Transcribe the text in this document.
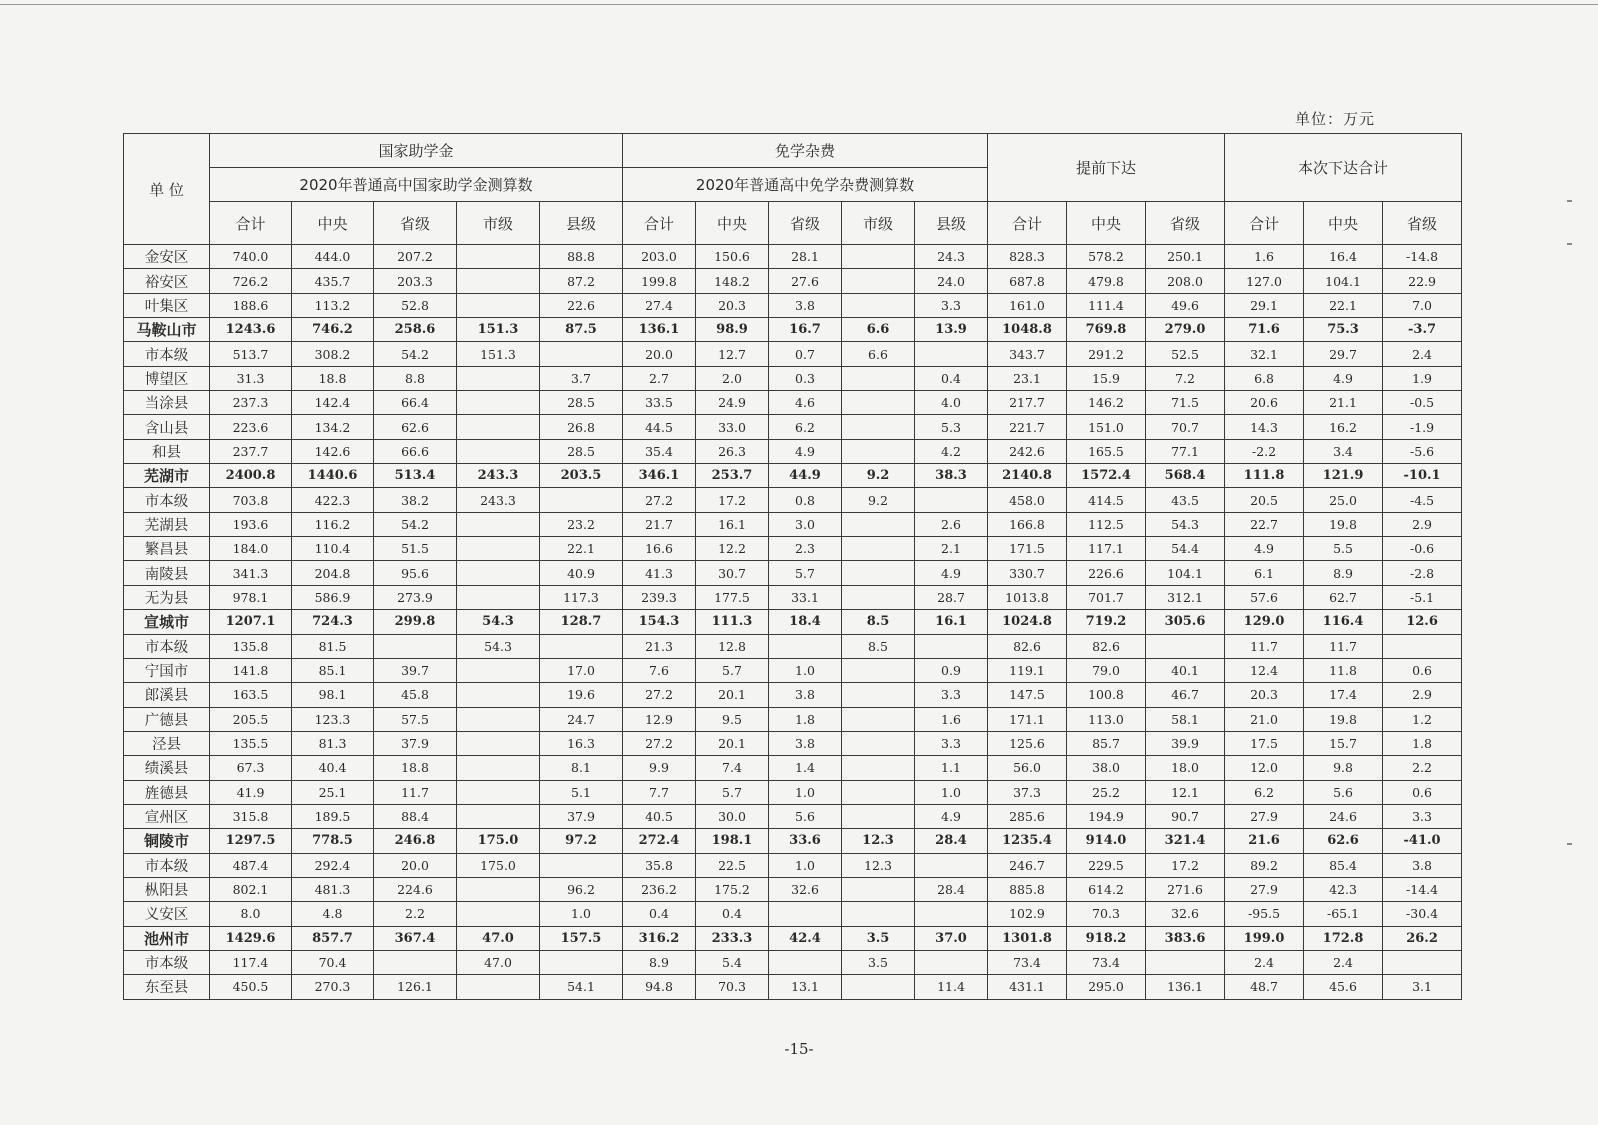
单位：万元
单 位	国家助学金					免学杂费					提前下达			本次下达合计		
	2020年普通高中国家助学金测算数					2020年普通高中免学杂费测算数										
	合计	中央	省级	市级	县级	合计	中央	省级	市级	县级	合计	中央	省级	合计	中央	省级
金安区	740.0	444.0	207.2		88.8	203.0	150.6	28.1		24.3	828.3	578.2	250.1	1.6	16.4	-14.8
裕安区	726.2	435.7	203.3		87.2	199.8	148.2	27.6		24.0	687.8	479.8	208.0	127.0	104.1	22.9
叶集区	188.6	113.2	52.8		22.6	27.4	20.3	3.8		3.3	161.0	111.4	49.6	29.1	22.1	7.0
马鞍山市	1243.6	746.2	258.6	151.3	87.5	136.1	98.9	16.7	6.6	13.9	1048.8	769.8	279.0	71.6	75.3	-3.7
市本级	513.7	308.2	54.2	151.3		20.0	12.7	0.7	6.6		343.7	291.2	52.5	32.1	29.7	2.4
博望区	31.3	18.8	8.8		3.7	2.7	2.0	0.3		0.4	23.1	15.9	7.2	6.8	4.9	1.9
当涂县	237.3	142.4	66.4		28.5	33.5	24.9	4.6		4.0	217.7	146.2	71.5	20.6	21.1	-0.5
含山县	223.6	134.2	62.6		26.8	44.5	33.0	6.2		5.3	221.7	151.0	70.7	14.3	16.2	-1.9
和县	237.7	142.6	66.6		28.5	35.4	26.3	4.9		4.2	242.6	165.5	77.1	-2.2	3.4	-5.6
芜湖市	2400.8	1440.6	513.4	243.3	203.5	346.1	253.7	44.9	9.2	38.3	2140.8	1572.4	568.4	111.8	121.9	-10.1
市本级	703.8	422.3	38.2	243.3		27.2	17.2	0.8	9.2		458.0	414.5	43.5	20.5	25.0	-4.5
芜湖县	193.6	116.2	54.2		23.2	21.7	16.1	3.0		2.6	166.8	112.5	54.3	22.7	19.8	2.9
繁昌县	184.0	110.4	51.5		22.1	16.6	12.2	2.3		2.1	171.5	117.1	54.4	4.9	5.5	-0.6
南陵县	341.3	204.8	95.6		40.9	41.3	30.7	5.7		4.9	330.7	226.6	104.1	6.1	8.9	-2.8
无为县	978.1	586.9	273.9		117.3	239.3	177.5	33.1		28.7	1013.8	701.7	312.1	57.6	62.7	-5.1
宣城市	1207.1	724.3	299.8	54.3	128.7	154.3	111.3	18.4	8.5	16.1	1024.8	719.2	305.6	129.0	116.4	12.6
市本级	135.8	81.5		54.3		21.3	12.8		8.5		82.6	82.6		11.7	11.7	
宁国市	141.8	85.1	39.7		17.0	7.6	5.7	1.0		0.9	119.1	79.0	40.1	12.4	11.8	0.6
郎溪县	163.5	98.1	45.8		19.6	27.2	20.1	3.8		3.3	147.5	100.8	46.7	20.3	17.4	2.9
广德县	205.5	123.3	57.5		24.7	12.9	9.5	1.8		1.6	171.1	113.0	58.1	21.0	19.8	1.2
泾县	135.5	81.3	37.9		16.3	27.2	20.1	3.8		3.3	125.6	85.7	39.9	17.5	15.7	1.8
绩溪县	67.3	40.4	18.8		8.1	9.9	7.4	1.4		1.1	56.0	38.0	18.0	12.0	9.8	2.2
旌德县	41.9	25.1	11.7		5.1	7.7	5.7	1.0		1.0	37.3	25.2	12.1	6.2	5.6	0.6
宣州区	315.8	189.5	88.4		37.9	40.5	30.0	5.6		4.9	285.6	194.9	90.7	27.9	24.6	3.3
铜陵市	1297.5	778.5	246.8	175.0	97.2	272.4	198.1	33.6	12.3	28.4	1235.4	914.0	321.4	21.6	62.6	-41.0
市本级	487.4	292.4	20.0	175.0		35.8	22.5	1.0	12.3		246.7	229.5	17.2	89.2	85.4	3.8
枞阳县	802.1	481.3	224.6		96.2	236.2	175.2	32.6		28.4	885.8	614.2	271.6	27.9	42.3	-14.4
义安区	8.0	4.8	2.2		1.0	0.4	0.4				102.9	70.3	32.6	-95.5	-65.1	-30.4
池州市	1429.6	857.7	367.4	47.0	157.5	316.2	233.3	42.4	3.5	37.0	1301.8	918.2	383.6	199.0	172.8	26.2
市本级	117.4	70.4		47.0		8.9	5.4		3.5		73.4	73.4		2.4	2.4	
东至县	450.5	270.3	126.1		54.1	94.8	70.3	13.1		11.4	431.1	295.0	136.1	48.7	45.6	3.1
-15-
